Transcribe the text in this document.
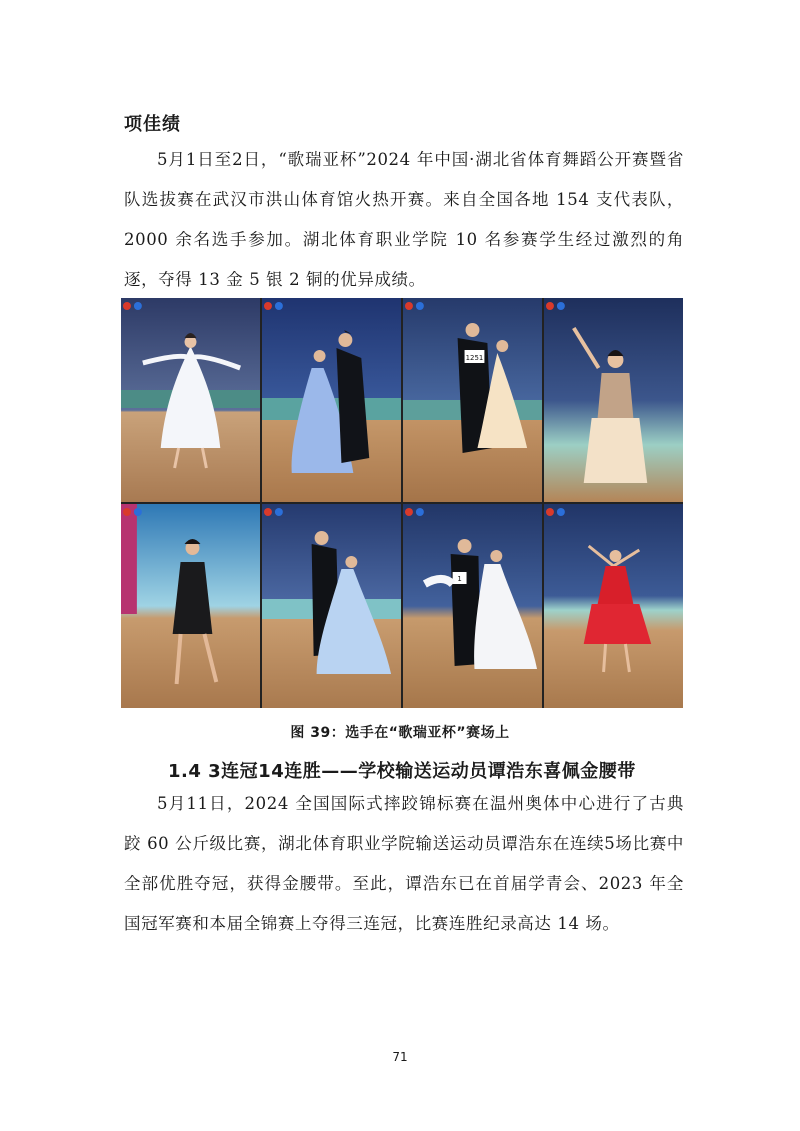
项佳绩

5月1日至2日，“歌瑞亚杯”2024 年中国·湖北省体育舞蹈公开赛暨省队选拔赛在武汉市洪山体育馆火热开赛。来自全国各地 154 支代表队，2000 余名选手参加。湖北体育职业学院 10 名参赛学生经过激烈的角逐，夺得 13 金 5 银 2 铜的优异成绩。

1251
1
图 39：选手在“歌瑞亚杯”赛场上
1.4 3连冠14连胜——学校输送运动员谭浩东喜佩金腰带

5月11日，2024 全国国际式摔跤锦标赛在温州奥体中心进行了古典跤 60 公斤级比赛，湖北体育职业学院输送运动员谭浩东在连续5场比赛中全部优胜夺冠，获得金腰带。至此，谭浩东已在首届学青会、2023 年全国冠军赛和本届全锦赛上夺得三连冠，比赛连胜纪录高达 14 场。

71
